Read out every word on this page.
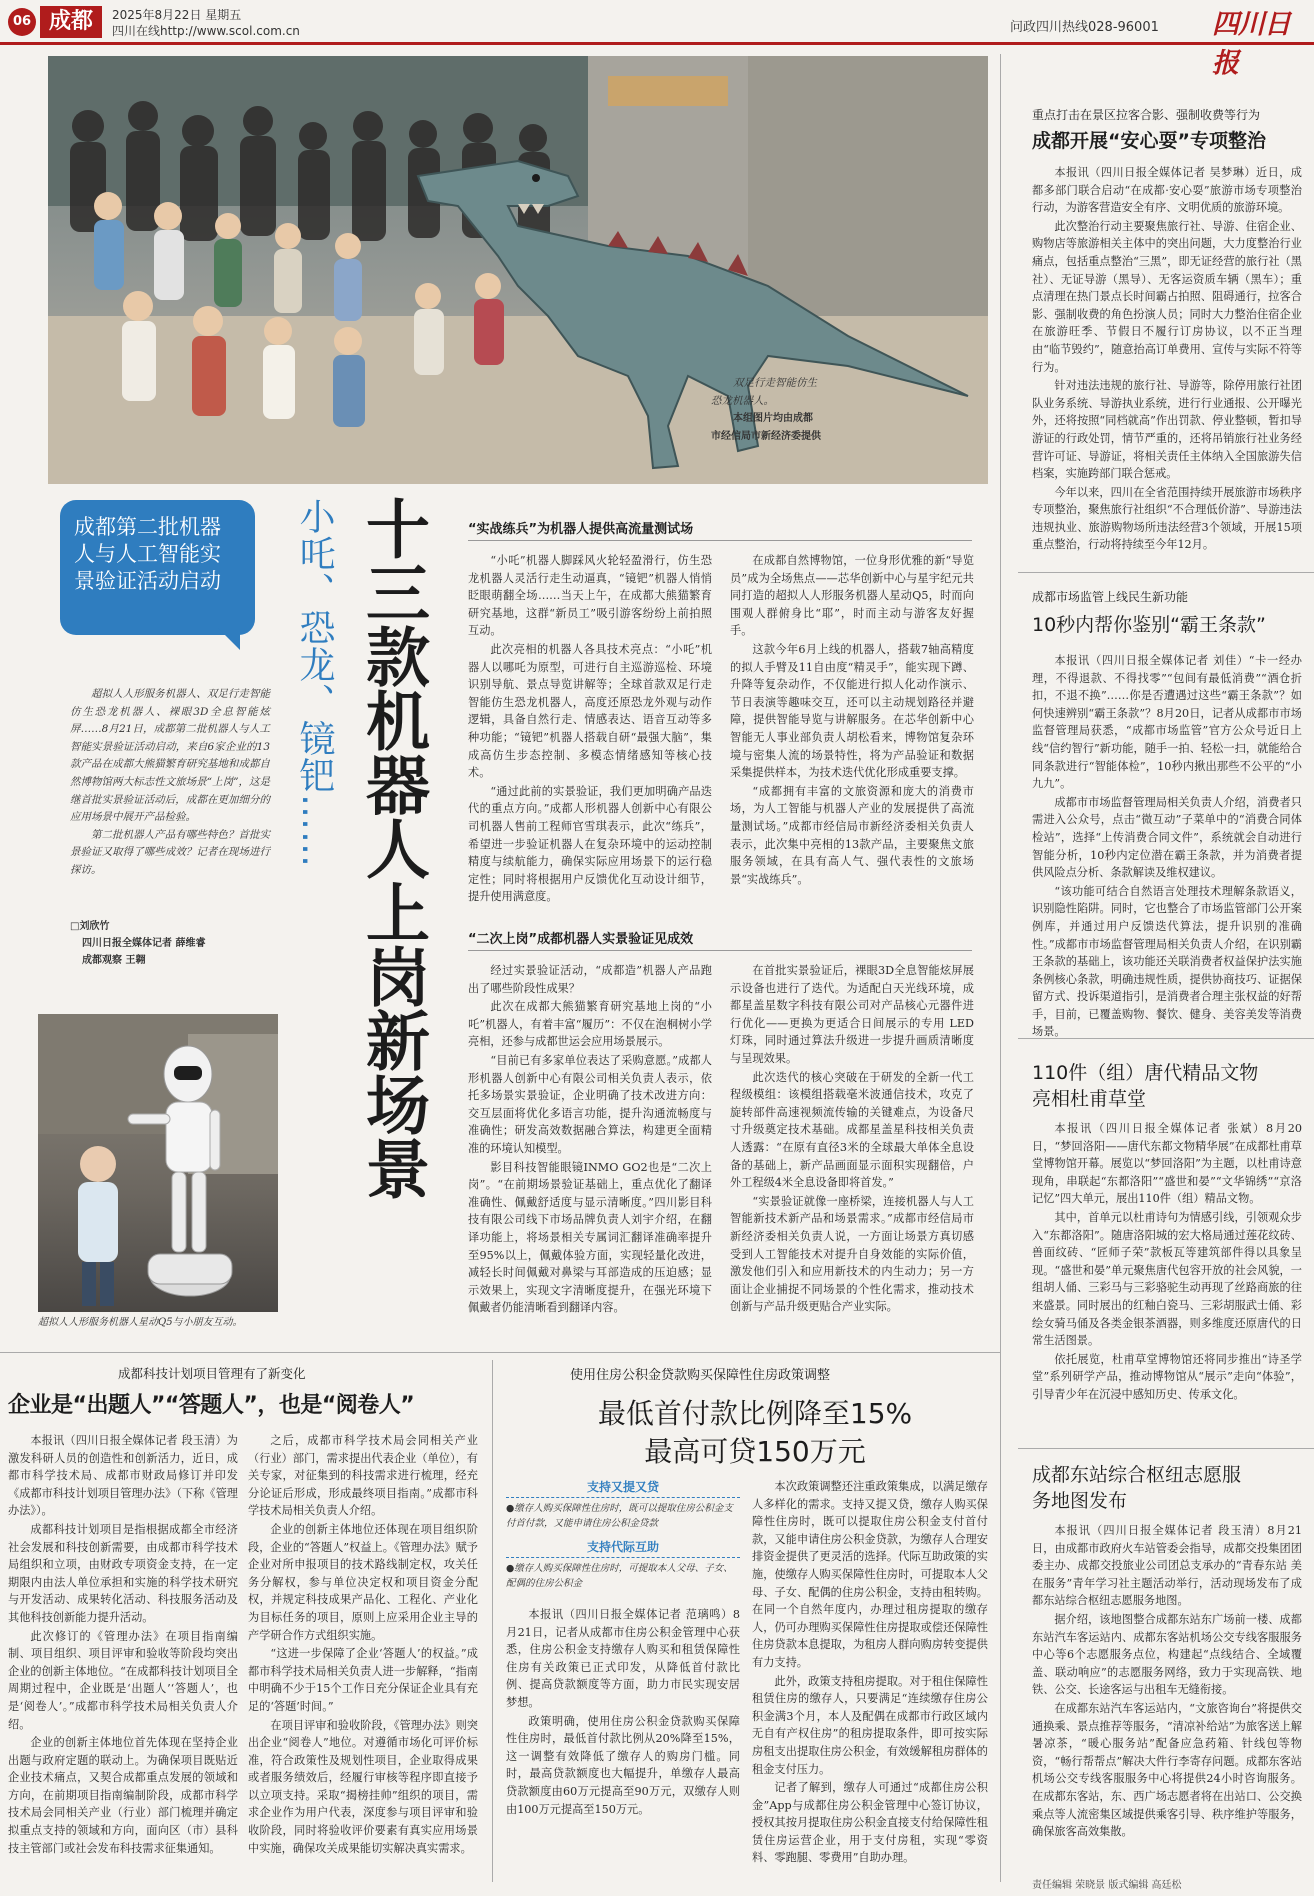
06 成都	2025年8月22日 星期五
四川在线http://www.scol.com.cn	问政四川热线028-96001 四川日报
双足行走智能仿生
恐龙机器人。
本组图片均由成都
市经信局市新经济委提供
成都第二批机器人与人工智能实景验证活动启动	小吒、恐龙、镜钯…… 十三款机器人上岗新场景

超拟人人形服务机器人、双足行走智能仿生恐龙机器人、裸眼3D全息智能炫屏……8月21日，成都第二批机器人与人工智能实景验证活动启动，来自6家企业的13款产品在成都大熊猫繁育研究基地和成都自然博物馆两大标志性文旅场景“上岗”，这是继首批实景验证活动后，成都在更加细分的应用场景中展开产品检验。

第二批机器人产品有哪些特色？首批实景验证又取得了哪些成效？记者在现场进行探访。

□刘欣竹
四川日报全媒体记者 薛维睿
成都观察 王翱
超拟人人形服务机器人星动Q5与小朋友互动。
“实战练兵”为机器人提供高流量测试场

“小吒”机器人脚踩风火轮轻盈滑行，仿生恐龙机器人灵活行走生动逼真，“镜钯”机器人悄悄眨眼萌翻全场……当天上午，在成都大熊猫繁育研究基地，这群“新员工”吸引游客纷纷上前拍照互动。

此次亮相的机器人各具技术亮点：“小吒”机器人以哪吒为原型，可进行自主巡游巡检、环境识别导航、景点导览讲解等；全球首款双足行走智能仿生恐龙机器人，高度还原恐龙外观与动作逻辑，具备自然行走、情感表达、语音互动等多种功能；“镜钯”机器人搭载自研“最强大脑”，集成高仿生步态控制、多模态情绪感知等核心技术。

“通过此前的实景验证，我们更加明确产品迭代的重点方向。”成都人形机器人创新中心有限公司机器人售前工程师官雪琪表示，此次“练兵”，希望进一步验证机器人在复杂环境中的运动控制精度与续航能力，确保实际应用场景下的运行稳定性；同时将根据用户反馈优化互动设计细节，提升使用满意度。

在成都自然博物馆，一位身形优雅的新“导览员”成为全场焦点——芯华创新中心与星宇纪元共同打造的超拟人人形服务机器人星动Q5，时而向围观人群俯身比“耶”，时而主动与游客友好握手。

这款今年6月上线的机器人，搭载7轴高精度的拟人手臂及11自由度“精灵手”，能实现下蹲、升降等复杂动作，不仅能进行拟人化动作演示、节日表演等趣味交互，还可以主动规划路径并避障，提供智能导览与讲解服务。在芯华创新中心智能无人事业部负责人胡松看来，博物馆复杂环境与密集人流的场景特性，将为产品验证和数据采集提供样本，为技术迭代优化形成重要支撑。

“成都拥有丰富的文旅资源和庞大的消费市场，为人工智能与机器人产业的发展提供了高流量测试场。”成都市经信局市新经济委相关负责人表示，此次集中亮相的13款产品，主要聚焦文旅服务领域，在具有高人气、强代表性的文旅场景“实战练兵”。

“二次上岗”成都机器人实景验证见成效

经过实景验证活动，“成都造”机器人产品跑出了哪些阶段性成果？

此次在成都大熊猫繁育研究基地上岗的“小吒”机器人，有着丰富“履历”：不仅在泡桐树小学亮相，还参与成都世运会应用场景展示。

“目前已有多家单位表达了采购意愿。”成都人形机器人创新中心有限公司相关负责人表示，依托多场景实景验证，企业明确了技术改进方向：交互层面将优化多语言功能，提升沟通流畅度与准确性；研发高效数据融合算法，构建更全面精准的环境认知模型。

影目科技智能眼镜INMO GO2也是“二次上岗”。“在前期场景验证基础上，重点优化了翻译准确性、佩戴舒适度与显示清晰度。”四川影目科技有限公司线下市场品牌负责人刘宇介绍，在翻译功能上，将场景相关专属词汇翻译准确率提升至95%以上，佩戴体验方面，实现轻量化改进，减轻长时间佩戴对鼻梁与耳部造成的压迫感；显示效果上，实现文字清晰度提升，在强光环境下佩戴者仍能清晰看到翻译内容。

在首批实景验证后，裸眼3D全息智能炫屏展示设备也进行了迭代。为适配白天光线环境，成都星盖星数字科技有限公司对产品核心元器件进行优化——更换为更适合日间展示的专用 LED 灯珠，同时通过算法升级进一步提升画质清晰度与呈现效果。

此次迭代的核心突破在于研发的全新一代工程级模组：该模组搭载毫米波通信技术，攻克了旋转部件高速视频流传输的关键难点，为设备尺寸升级奠定技术基础。成都星盖星科技相关负责人透露：“在原有直径3米的全球最大单体全息设备的基础上，新产品画面显示面积实现翻倍，户外工程级4米全息设备即将首发。”

“实景验证就像一座桥梁，连接机器人与人工智能新技术新产品和场景需求。”成都市经信局市新经济委相关负责人说，一方面让场景方真切感受到人工智能技术对提升自身效能的实际价值，激发他们引入和应用新技术的内生动力；另一方面让企业捕捉不同场景的个性化需求，推动技术创新与产品升级更贴合产业实际。

重点打击在景区拉客合影、强制收费等行为
成都开展“安心耍”专项整治

本报讯（四川日报全媒体记者 吴梦琳）近日，成都多部门联合启动“在成都·安心耍”旅游市场专项整治行动，为游客营造安全有序、文明优质的旅游环境。

此次整治行动主要聚焦旅行社、导游、住宿企业、购物店等旅游相关主体中的突出问题，大力度整治行业痛点，包括重点整治“三黑”，即无证经营的旅行社（黑社）、无证导游（黑导）、无客运资质车辆（黑车）；重点清理在热门景点长时间霸占拍照、阻碍通行，拉客合影、强制收费的角色扮演人员；同时大力整治住宿企业在旅游旺季、节假日不履行订房协议，以不正当理由“临节毁约”，随意抬高订单费用、宣传与实际不符等行为。

针对违法违规的旅行社、导游等，除停用旅行社团队业务系统、导游执业系统，进行行业通报、公开曝光外，还将按照“同档就高”作出罚款、停业整顿，暂扣导游证的行政处罚，情节严重的，还将吊销旅行社业务经营许可证、导游证，将相关责任主体纳入全国旅游失信档案，实施跨部门联合惩戒。

今年以来，四川在全省范围持续开展旅游市场秩序专项整治，聚焦旅行社组织“不合理低价游”、导游违法违规执业、旅游购物场所违法经营3个领域，开展15项重点整治，行动将持续至今年12月。

成都市场监管上线民生新功能
10秒内帮你鉴别“霸王条款”

本报讯（四川日报全媒体记者 刘佳）“卡一经办理，不得退款、不得找零”“包间有最低消费”“酒仓折扣，不退不换”……你是否遭遇过这些“霸王条款”？如何快速辨别“霸王条款”？8月20日，记者从成都市市场监督管理局获悉，“成都市场监管”官方公众号近日上线“信约智行”新功能，随手一拍、轻松一扫，就能给合同条款进行“智能体检”，10秒内揪出那些不公平的“小九九”。

成都市市场监督管理局相关负责人介绍，消费者只需进入公众号，点击“微互动”子菜单中的“消费合同体检站”，选择“上传消费合同文件”，系统就会自动进行智能分析，10秒内定位潜在霸王条款，并为消费者提供风险点分析、条款解读及维权建议。

“该功能可结合自然语言处理技术理解条款语义，识别隐性陷阱。同时，它也整合了市场监管部门公开案例库，并通过用户反馈迭代算法，提升识别的准确性。”成都市市场监督管理局相关负责人介绍，在识别霸王条款的基础上，该功能还关联消费者权益保护法实施条例核心条款，明确违规性质，提供协商技巧、证据保留方式、投诉渠道指引，是消费者合理主张权益的好帮手，目前，已覆盖购物、餐饮、健身、美容美发等消费场景。

110件（组）唐代精品文物亮相杜甫草堂

本报讯（四川日报全媒体记者 张斌）8月20日，“梦回洛阳——唐代东都文物精华展”在成都杜甫草堂博物馆开幕。展览以“梦回洛阳”为主题，以杜甫诗意现角，串联起“东都洛阳”“盛世和晏”“文华锦绣”“京洛记忆”四大单元，展出110件（组）精品文物。

其中，首单元以杜甫诗句为情感引线，引领观众步入“东都洛阳”。随唐洛阳城的宏大格局通过莲花纹砖、兽面纹砖、“匠师子荣”款板瓦等建筑部件得以具象呈现。“盛世和晏”单元聚焦唐代包容开放的社会风貌，一组胡人俑、三彩马与三彩骆驼生动再现了丝路商旅的往来盛景。同时展出的红釉白瓷马、三彩胡服武士俑、彩绘女骑马俑及各类金银茶酒器，则多维度还原唐代的日常生活图景。

依托展览，杜甫草堂博物馆还将同步推出“诗圣学堂”系列研学产品，推动博物馆从“展示”走向“体验”，引导青少年在沉浸中感知历史、传承文化。

成都东站综合枢纽志愿服务地图发布

本报讯（四川日报全媒体记者 段玉清）8月21日，由成都市政府火车站管委会指导，成都交投集团团委主办、成都交投旅业公司团总支承办的“青春东站 美在服务”青年学习社主题活动举行，活动现场发布了成都东站综合枢纽志愿服务地图。

据介绍，该地图整合成都东站东广场前一楼、成都东站汽车客运站内、成都东客站机场公交专线客服服务中心等6个志愿服务点位，构建起“点线结合、全域覆盖、联动响应”的志愿服务网络，致力于实现高铁、地铁、公交、长途客运与出租车无缝衔接。

在成都东站汽车客运站内，“文旅咨询台”将提供交通换乘、景点推荐等服务，“清凉补给站”为旅客送上解暑凉茶，“暖心服务站”配备应急药箱、针线包等物资，“畅行帮帮点”解决大件行李寄存问题。成都东客站机场公交专线客服服务中心将提供24小时咨询服务。在成都东客站，东、西广场志愿者将在出站口、公交换乘点等人流密集区域提供乘客引导、秩序维护等服务，确保旅客高效集散。

成都科技计划项目管理有了新变化
企业是“出题人”“答题人”，也是“阅卷人”

本报讯（四川日报全媒体记者 段玉清）为激发科研人员的创造性和创新活力，近日，成都市科学技术局、成都市财政局修订并印发《成都市科技计划项目管理办法》（下称《管理办法》）。

成都科技计划项目是指根据成都全市经济社会发展和科技创新需要，由成都市科学技术局组织和立项，由财政专项资金支持，在一定期限内由法人单位承担和实施的科学技术研究与开发活动、成果转化活动、科技服务活动及其他科技创新能力提升活动。

此次修订的《管理办法》在项目指南编制、项目组织、项目评审和验收等阶段均突出企业的创新主体地位。“在成都科技计划项目全周期过程中，企业既是‘出题人’‘答题人’，也是‘阅卷人’。”成都市科学技术局相关负责人介绍。

企业的创新主体地位首先体现在坚持企业出题与政府定题的联动上。为确保项目既贴近企业技术痛点，又契合成都重点发展的领域和方向，在前期项目指南编制阶段，成都市科学技术局会同相关产业（行业）部门梳理并确定拟重点支持的领域和方向，面向区（市）县科技主管部门或社会发布科技需求征集通知。

之后，成都市科学技术局会同相关产业（行业）部门，需求提出代表企业（单位），有关专家，对征集到的科技需求进行梳理，经充分论证后形成，形成最终项目指南。”成都市科学技术局相关负责人介绍。

企业的创新主体地位还体现在项目组织阶段，企业的“答题人”权益上。《管理办法》赋予企业对所申报项目的技术路线制定权，攻关任务分解权，参与单位决定权和项目资金分配权，并规定科技成果产品化、工程化、产业化为目标任务的项目，原则上应采用企业主导的产学研合作方式组织实施。

“这进一步保障了企业‘答题人’的权益。”成都市科学技术局相关负责人进一步解释，“指南中明确不少于15个工作日充分保证企业具有充足的‘答题’时间。”

在项目评审和验收阶段，《管理办法》则突出企业“阅卷人”地位。对遵循市场化可评价标准，符合政策性及规划性项目，企业取得成果或者服务绩效后，经履行审核等程序即直接予以立项支持。采取“揭榜挂帅”组织的项目，需求企业作为用户代表，深度参与项目评审和验收阶段，同时将验收评价要素有真实应用场景中实施，确保攻关成果能切实解决真实需求。

使用住房公积金贷款购买保障性住房政策调整
最低首付款比例降至15%
最高可贷150万元
支持又提又贷
●缴存人购买保障性住房时，既可以提取住房公积金支付首付款，又能申请住房公积金贷款
支持代际互助
●缴存人购买保障性住房时，可提取本人父母、子女、配偶的住房公积金

本报讯（四川日报全媒体记者 范璃鸣）8月21日，记者从成都市住房公积金管理中心获悉，住房公积金支持缴存人购买和租赁保障性住房有关政策已正式印发，从降低首付款比例、提高贷款额度等方面，助力市民实现安居梦想。

政策明确，使用住房公积金贷款购买保障性住房时，最低首付款比例从20%降至15%，这一调整有效降低了缴存人的购房门槛。同时，最高贷款额度也大幅提升，单缴存人最高贷款额度由60万元提高至90万元，双缴存人则由100万元提高至150万元。

本次政策调整还注重政策集成，以满足缴存人多样化的需求。支持又提又贷，缴存人购买保障性住房时，既可以提取住房公积金支付首付款，又能申请住房公积金贷款，为缴存人合理安排资金提供了更灵活的选择。代际互助政策的实施，使缴存人购买保障性住房时，可提取本人父母、子女、配偶的住房公积金，支持由租转购。在同一个自然年度内，办理过租房提取的缴存人，仍可办理购买保障性住房提取或偿还保障性住房贷款本息提取，为租房人群向购房转变提供有力支持。

此外，政策支持租房提取。对于租住保障性租赁住房的缴存人，只要满足“连续缴存住房公积金满3个月，本人及配偶在成都市行政区域内无自有产权住房”的租房提取条件，即可按实际房租支出提取住房公积金，有效缓解租房群体的租金支付压力。

记者了解到，缴存人可通过“成都住房公积金”App与成都住房公积金管理中心签订协议，授权其按月提取住房公积金直接支付给保障性租赁住房运营企业，用于支付房租，实现“零资料、零跑腿、零费用”自助办理。

责任编辑 荣晓景 版式编辑 高廷松
